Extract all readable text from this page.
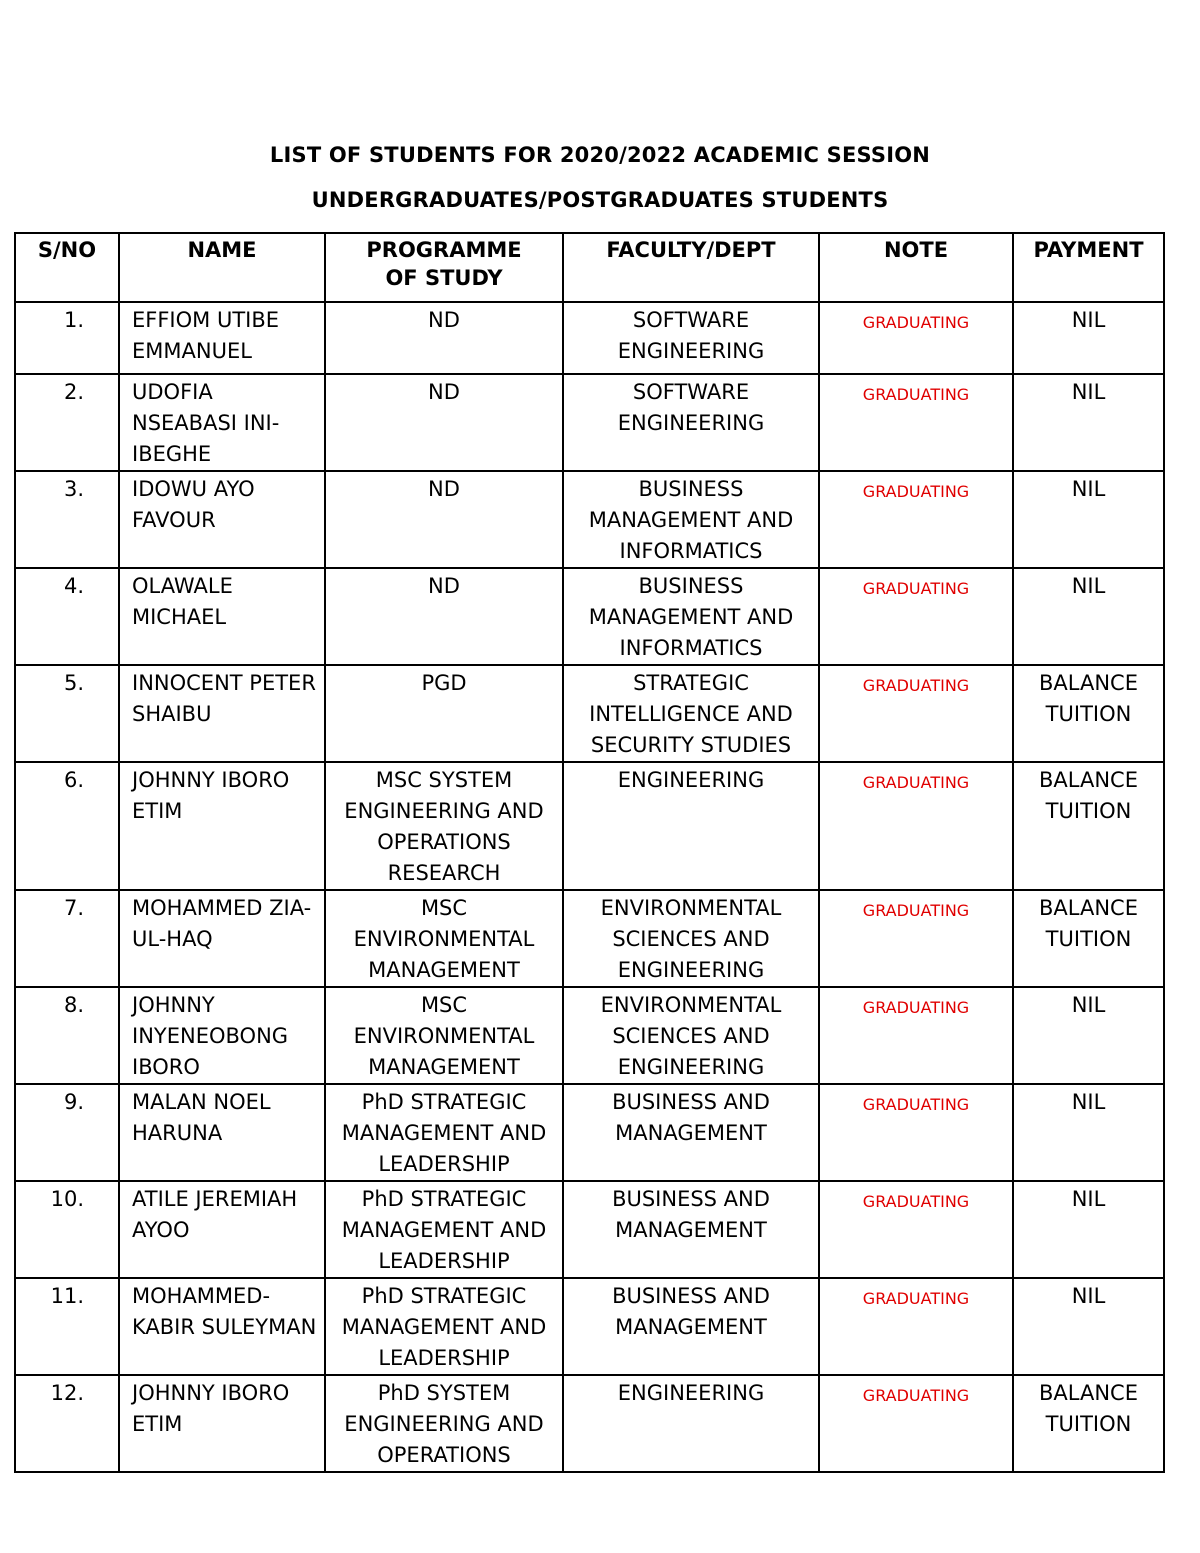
LIST OF STUDENTS FOR 2020/2022 ACADEMIC SESSION
UNDERGRADUATES/POSTGRADUATES STUDENTS
S/NO	NAME	PROGRAMME OF STUDY	FACULTY/DEPT	NOTE	PAYMENT
1.	EFFIOM UTIBE EMMANUEL	ND	SOFTWARE ENGINEERING	GRADUATING	NIL
2.	UDOFIA NSEABASI INI-IBEGHE	ND	SOFTWARE ENGINEERING	GRADUATING	NIL
3.	IDOWU AYO FAVOUR	ND	BUSINESS MANAGEMENT AND INFORMATICS	GRADUATING	NIL
4.	OLAWALE MICHAEL	ND	BUSINESS MANAGEMENT AND INFORMATICS	GRADUATING	NIL
5.	INNOCENT PETER SHAIBU	PGD	STRATEGIC INTELLIGENCE AND SECURITY STUDIES	GRADUATING	BALANCE TUITION
6.	JOHNNY IBORO ETIM	MSC SYSTEM ENGINEERING AND OPERATIONS RESEARCH	ENGINEERING	GRADUATING	BALANCE TUITION
7.	MOHAMMED ZIA-UL-HAQ	MSC ENVIRONMENTAL MANAGEMENT	ENVIRONMENTAL SCIENCES AND ENGINEERING	GRADUATING	BALANCE TUITION
8.	JOHNNY INYENEOBONG IBORO	MSC ENVIRONMENTAL MANAGEMENT	ENVIRONMENTAL SCIENCES AND ENGINEERING	GRADUATING	NIL
9.	MALAN NOEL HARUNA	PhD STRATEGIC MANAGEMENT AND LEADERSHIP	BUSINESS AND MANAGEMENT	GRADUATING	NIL
10.	ATILE JEREMIAH AYOO	PhD STRATEGIC MANAGEMENT AND LEADERSHIP	BUSINESS AND MANAGEMENT	GRADUATING	NIL
11.	MOHAMMED-KABIR SULEYMAN	PhD STRATEGIC MANAGEMENT AND LEADERSHIP	BUSINESS AND MANAGEMENT	GRADUATING	NIL
12.	JOHNNY IBORO ETIM	PhD SYSTEM ENGINEERING AND OPERATIONS	ENGINEERING	GRADUATING	BALANCE TUITION
